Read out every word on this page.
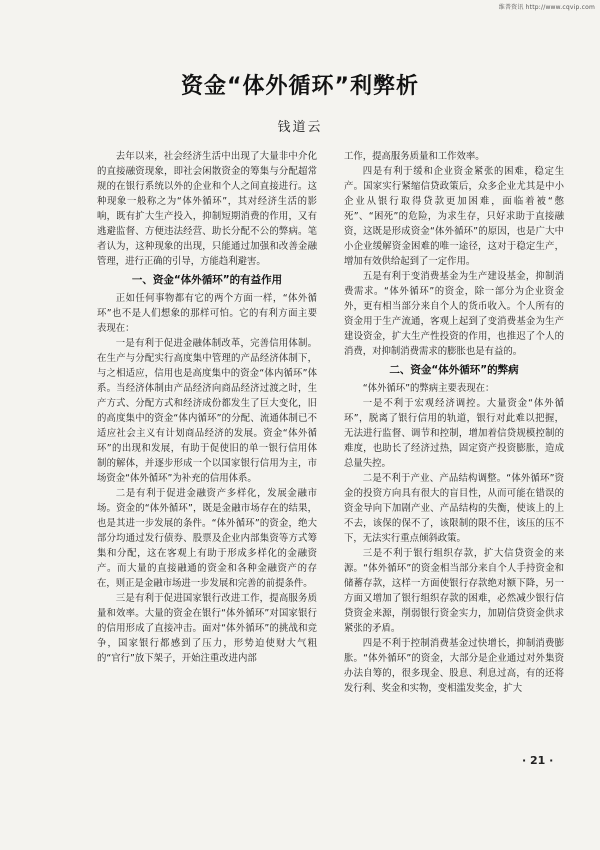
维普资讯 http://www.cqvip.com
资金“体外循环”利弊析
钱道云

去年以来，社会经济生活中出现了大量非中介化的直接融资现象，即社会闲散资金的筹集与分配超常规的在银行系统以外的企业和个人之间直接进行。这种现象一般称之为“体外循环”，其对经济生活的影响，既有扩大生产投入，抑制短期消费的作用，又有逃避监督、方便违法经营、助长分配不公的弊病。笔者认为，这种现象的出现，只能通过加强和改善金融管理，进行正确的引导，方能趋利避害。

一、资金“体外循环”的有益作用

正如任何事物都有它的两个方面一样，“体外循环”也不是人们想象的那样可怕。它的有利方面主要表现在：

一是有利于促进金融体制改革，完善信用体制。在生产与分配实行高度集中管理的产品经济体制下，与之相适应，信用也是高度集中的资金“体内循环”体系。当经济体制由产品经济向商品经济过渡之时，生产方式、分配方式和经济成份都发生了巨大变化，旧的高度集中的资金“体内循环”的分配、流通体制已不适应社会主义有计划商品经济的发展。资金“体外循环”的出现和发展，有助于促使旧的单一银行信用体制的解体，并逐步形成一个以国家银行信用为主，市场资金“体外循环”为补充的信用体系。

二是有利于促进金融资产多样化，发展金融市场。资金的“体外循环”，既是金融市场存在的结果，也是其进一步发展的条件。“体外循环”的资金，绝大部分均通过发行债券、股票及企业内部集资等方式筹集和分配，这在客观上有助于形成多样化的金融资产。而大量的直接融通的资金和各种金融资产的存在，则正是金融市场进一步发展和完善的前提条件。

三是有利于促进国家银行改进工作，提高服务质量和效率。大量的资金在银行“体外循环”对国家银行的信用形成了直接冲击。面对“体外循环”的挑战和竞争，国家银行都感到了压力，形势迫使财大气粗的“官行”放下架子，开始注重改进内部

工作，提高服务质量和工作效率。

四是有利于缓和企业资金紧张的困难，稳定生产。国家实行紧缩信贷政策后，众多企业尤其是中小企业从银行取得贷款更加困难，面临着被“憋死”、“困死”的危险，为求生存，只好求助于直接融资，这既是形成资金“体外循环”的原因，也是广大中小企业缓解资金困难的唯一途径，这对于稳定生产，增加有效供给起到了一定作用。

五是有利于变消费基金为生产建设基金，抑制消费需求。“体外循环”的资金，除一部分为企业资金外，更有相当部分来自个人的货币收入。个人所有的资金用于生产流通，客观上起到了变消费基金为生产建设资金，扩大生产性投资的作用，也推迟了个人的消费，对抑制消费需求的膨胀也是有益的。

二、资金“体外循环”的弊病

“体外循环”的弊病主要表现在：

一是不利于宏观经济调控。大量资金“体外循环”，脱离了银行信用的轨道，银行对此难以把握，无法进行监督、调节和控制，增加着信贷规模控制的难度，也助长了经济过热，固定资产投资膨胀，造成总量失控。

二是不利于产业、产品结构调整。“体外循环”资金的投资方向具有很大的盲目性，从而可能在错误的资金导向下加剧产业、产品结构的失衡，使该上的上不去，该保的保不了，该限制的限不住，该压的压不下，无法实行重点倾斜政策。

三是不利于银行组织存款，扩大信贷资金的来源。“体外循环”的资金相当部分来自个人手持资金和储蓄存款，这样一方面使银行存款绝对额下降，另一方面又增加了银行组织存款的困难，必然减少银行信贷资金来源，削弱银行资金实力，加剧信贷资金供求紧张的矛盾。

四是不利于控制消费基金过快增长，抑制消费膨胀。“体外循环”的资金，大部分是企业通过对外集资办法自筹的，很多现金、股息、利息过高，有的还将发行利、奖金和实物，变相滥发奖金，扩大

· 21 ·
